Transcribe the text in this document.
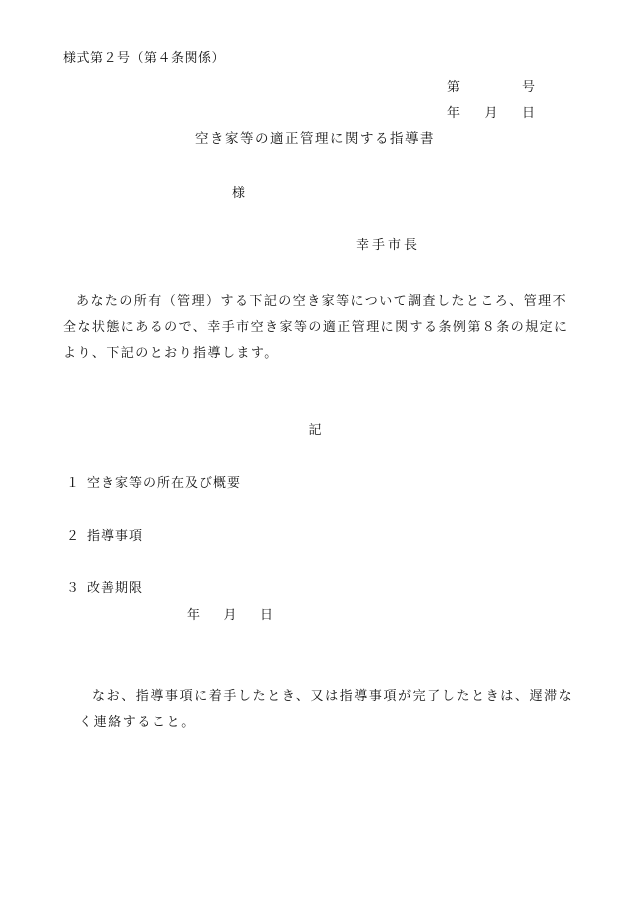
様式第２号（第４条関係）
第	号
年 月 日
空き家等の適正管理に関する指導書
様
幸手市長
あなたの所有（管理）する下記の空き家等について調査したところ、管理不全な状態にあるので、幸手市空き家等の適正管理に関する条例第８条の規定により、下記のとおり指導します。
記
１ 空き家等の所在及び概要
２ 指導事項
３ 改善期限
年 月 日
なお、指導事項に着手したとき、又は指導事項が完了したときは、遅滞なく連絡すること。
